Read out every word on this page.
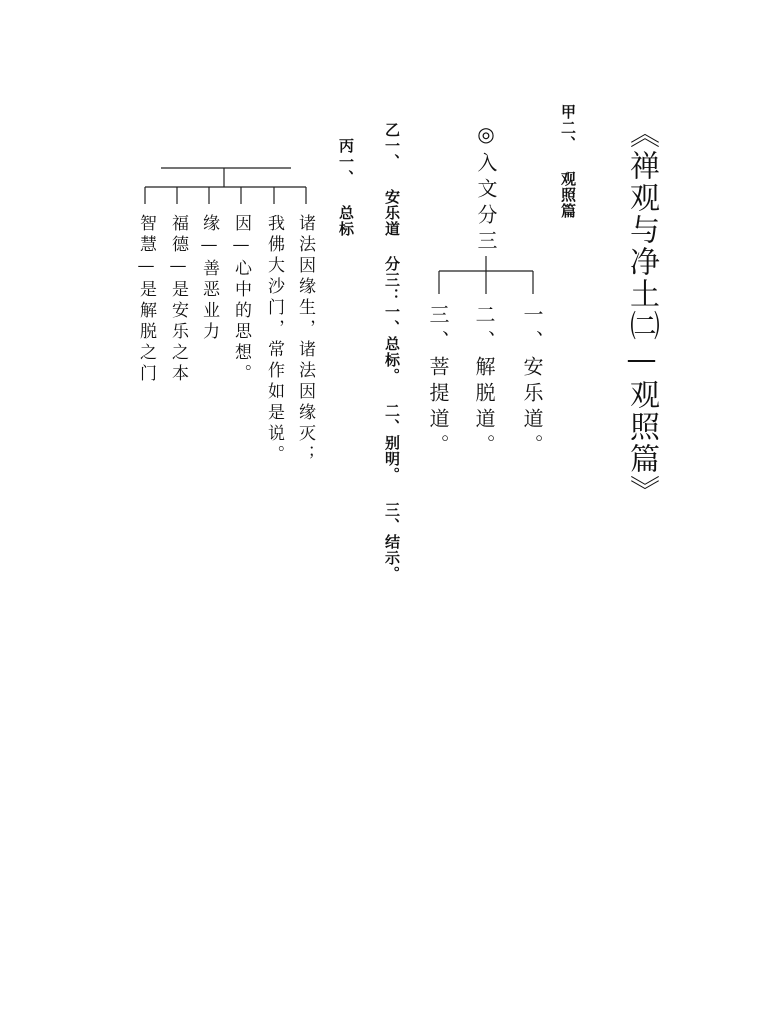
《禅观与净土㈡—观照篇》
甲二、 观照篇
◎入文分三
一、安乐道。
二、解脱道。
三、菩提道。
乙一、 安乐道 分三：一、总标。 二、别明。 三、结示。
丙一、 总标
诸法因缘生，诸法因缘灭；
我佛大沙门，常作如是说。
因—心中的思想。
缘—善恶业力
福德—是安乐之本
智慧—是解脱之门
